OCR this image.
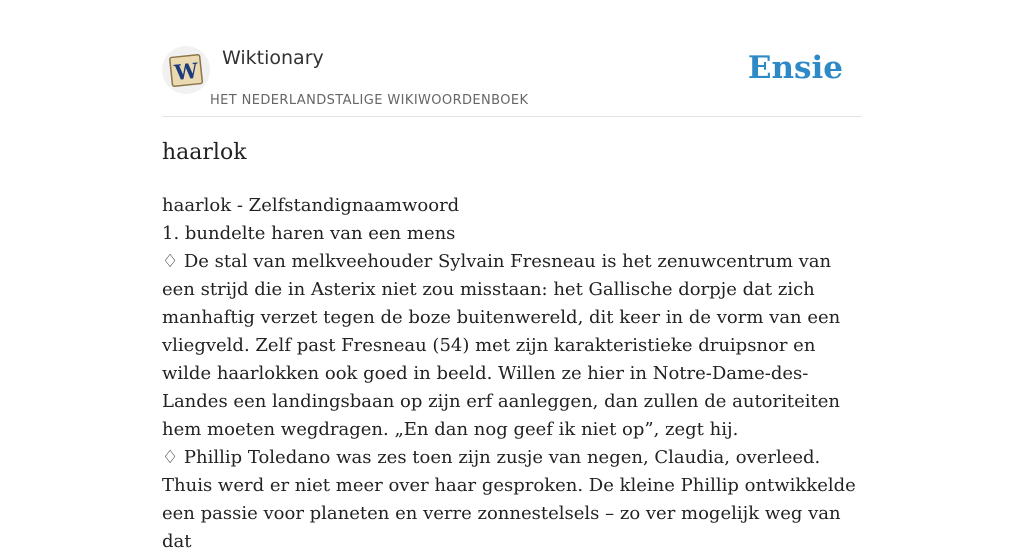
W Wiktionary
HET NEDERLANDSTALIGE WIKIWOORDENBOEK
Ensie
haarlok

haarlok - Zelfstandignaamwoord

1. bundelte haren van een mens

♢ De stal van melkveehouder Sylvain Fresneau is het zenuwcentrum van een strijd die in Asterix niet zou misstaan: het Gallische dorpje dat zich manhaftig verzet tegen de boze buitenwereld, dit keer in de vorm van een vliegveld. Zelf past Fresneau (54) met zijn karakteristieke druipsnor en wilde haarlokken ook goed in beeld. Willen ze hier in Notre-Dame-des-Landes een landingsbaan op zijn erf aanleggen, dan zullen de autoriteiten hem moeten wegdragen. „En dan nog geef ik niet op”, zegt hij.

♢ Phillip Toledano was zes toen zijn zusje van negen, Claudia, overleed. Thuis werd er niet meer over haar gesproken. De kleine Phillip ontwikkelde een passie voor planeten en verre zonnestelsels – zo ver mogelijk weg van dat
